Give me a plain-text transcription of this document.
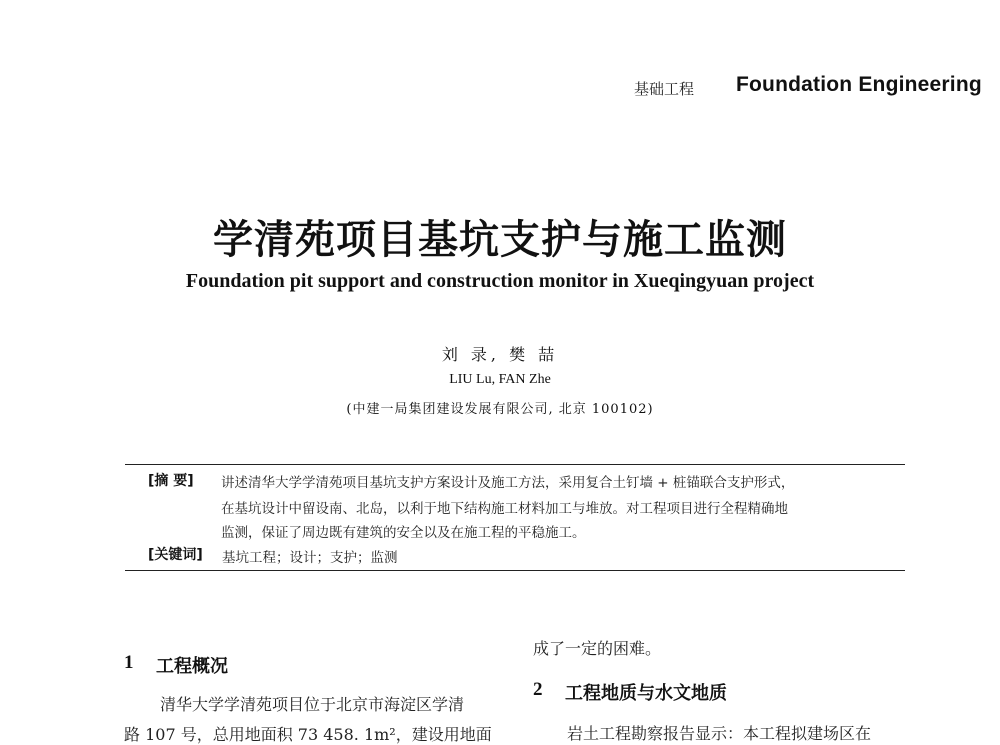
基础工程 Foundation Engineering
学清苑项目基坑支护与施工监测
Foundation pit support and construction monitor in Xueqingyuan project
刘 录, 樊 喆
LIU Lu, FAN Zhe
(中建一局集团建设发展有限公司, 北京 100102)
[摘 要] 讲述清华大学学清苑项目基坑支护方案设计及施工方法，采用复合土钉墙 + 桩锚联合支护形式，
在基坑设计中留设南、北岛，以利于地下结构施工材料加工与堆放。对工程项目进行全程精确地
监测，保证了周边既有建筑的安全以及在施工程的平稳施工。
[关键词] 基坑工程；设计；支护；监测
1 工程概况
清华大学学清苑项目位于北京市海淀区学清
路 107 号，总用地面积 73 458. 1m²，建设用地面
成了一定的困难。
2 工程地质与水文地质
岩土工程勘察报告显示：本工程拟建场区在
